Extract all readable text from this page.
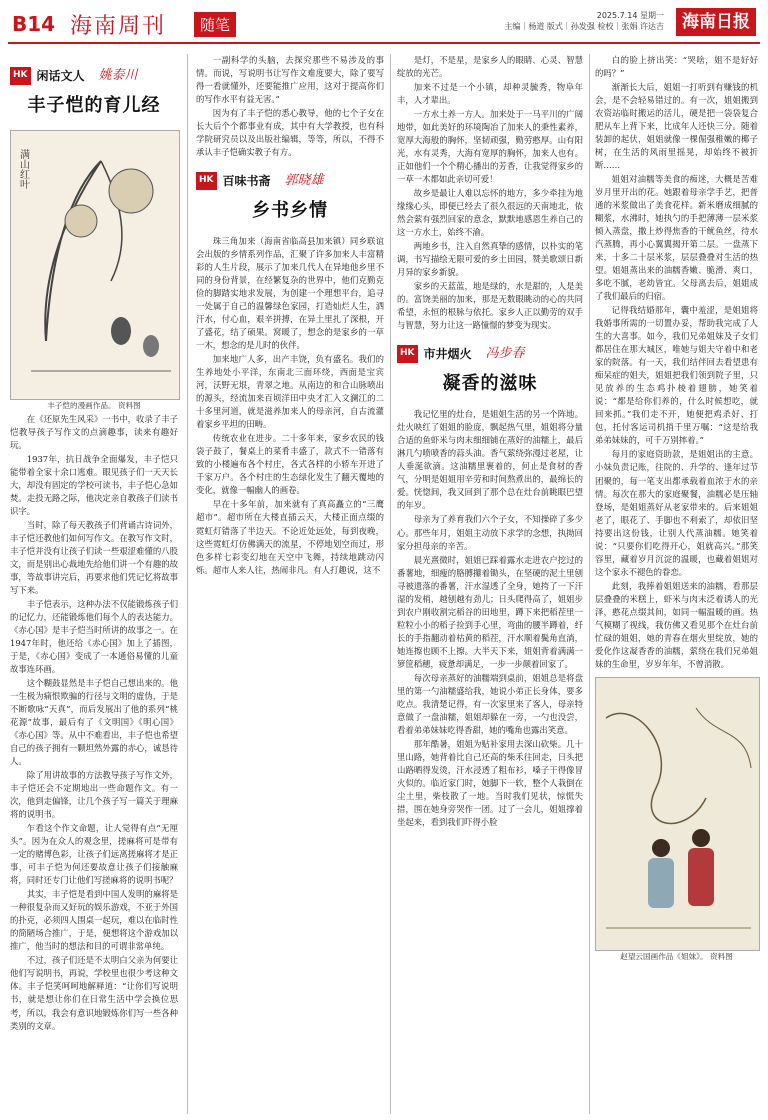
B14 海南周刊	随笔
2025.7.14 星期一
主编｜杨道 版式｜孙发强 检校｜张娟 许达吉	海南日报
HK 闲话文人 姚泰川
丰子恺的育儿经
满山红叶

丰子恺的漫画作品。 资料图

在《还原先生风采》一书中，收录了丰子恺教导孩子写作文的点滴趣事，读来有趣好玩。

1937年，抗日战争全面爆发，丰子恺只能带着全家十余口逃难。眼见孩子们一天天长大，却没有固定的学校可读书，丰子恺心急如焚。走投无路之际，他决定亲自教孩子们读书识字。

当时，除了每天教孩子们背诵古诗词外，丰子恺还教他们如何写作文。在教写作文时，丰子恺并没有让孩子们读一些艰涩难懂的八股文，而是别出心裁地先给他们讲一个有趣的故事，等故事讲完后，再要求他们凭记忆将故事写下来。

丰子恺表示，这种办法不仅能锻炼孩子们的记忆力，还能锻炼他们每个人的表达能力。《赤心国》是丰子恺当时所讲的故事之一。在1947年时，他还给《赤心国》加上了插图，于是，《赤心国》变成了一本通俗易懂的儿童故事连环画。

这个糊鼓显然是丰子恺自己想出来的。他一生极为痛恨欺骗的行径与文明的虚伪，于是不断歌咏“天真”，而后发展出了他的系列“桃花源”故事，最后有了《文明国》《明心国》《赤心国》等。从中不难看出，丰子恺也希望自己的孩子拥有一颗坦然外露的赤心，诚恳待人。

除了用讲故事的方法教导孩子写作文外，丰子恺还会不定期地出一些命题作文。有一次，他到走偏锋，让几个孩子写一篇关于理麻将的说明书。

乍看这个作文命题，让人觉得有点“无厘头”。因为在众人的观念里，搓麻将可是带有一定的赌博色彩，让孩子们远离搓麻将才是正事，可丰子恺为何还要故意让孩子们接触麻将，同时还专门让他们写搓麻将的说明书呢？

其实，丰子恺是看到中国人发明的麻将是一种很复杂而又好玩的娱乐游戏，不亚于外国的扑克，必须四人围桌一起玩，难以在临时性的简陋场合推广，于是，便想将这个游戏加以推广，他当时的想法和目的可谓非常单纯。

不过，孩子们还是不太明白父亲为何要让他们写说明书，再说，学校里也很少考这种文体。丰子恺笑呵呵地解释道：“让你们写说明书，就是想让你们在日常生活中学会换位思考，所以，我会有意识地锻炼你们写一些各种类别的文章。

一副科学的头脑，去探究那些不易涉及的事情。而说，写说明书让写作文难度要大，除了要写得一看就懂外，还要能推广应用，这对于提高你们的写作水平有益无害。”

因为有了丰子恺的悉心教导，他的七个子女在长大后个个都事业有成，其中有大学教授，也有科学院研究员以及出版社编辑，等等，所以，不得不承认丰子恺确实教子有方。

HK 百味书斋 郭晓雄
乡书乡情

珠三角加来（海南省临高县加来镇）同乡联谊会出版的乡情系列作品，汇聚了许多加来人丰富精彩的人生片段，展示了加来几代人在异地他乡里不同的身份背景，在经繁复杂的世界中，他们克勤克俭的脚踏实地求发展，为创建一个理想平台，追寻一处属于自己的温馨绿色家园，打造灿烂人生，洒汗水，付心血，艰辛拼搏，在异土里扎了深根，开了盛花，结了硕果。窝暖了，想念的是家乡的一草一木，想念的是儿时的伙伴。

加来地广人多，出产丰饶，负有盛名。我们的生养地处小平洋，东南北三面环绕，西面是宝宾河，沃野无垠，青翠之地。从南边的和合山脉喷出的源头，经流加来百顷洋田中央才汇入文澜江的二十多里河道，就是滋养加来人的母亲河，自古流灌着家乡平坦的田畴。

传统农业在进步。二十多年来，家乡农民的钱袋子鼓了，餐桌上的菜肴丰盛了，款式不一错落有致的小楼遍布各个村庄，各式各样的小轿车开进了千家万户。各个村庄的生态绿化发生了翻天覆地的变化，就像一幅幽人的画卷。

早在十多年前，加来就有了真高矗立的“三鹰超市”。超市所在大楼直插云天，大楼正面点缀的霓虹灯错落了半边天。不论近处远处，每到夜晚，这些霓虹灯仿佛满天的流星，不停地划空而过，形色多样七彩变幻地在天空中飞舞，持续地跳动闪烁。超市人来人往，热闹非凡。有人打趣说，这不

是灯，不是星，是家乡人的眼睛、心灵、智慧绽放的光芒。

加来不过是一个小镇，却种灵毓秀，物阜年丰，人才辈出。

一方水土养一方人。加来处于一马平川的广阔地带，如此美好的环境陶冶了加来人的秉性素养，宽厚大海般的胸怀，坚韧顽强，勤劳憨厚。山有阳光，水有灵秀，大海有宽厚的胸怀，加来人也有。正如他们一个个精心播出的芳香，让我觉得家乡的一草一木都如此亲切可爱！

故乡是最让人难以忘怀的地方，多少牵挂为地缘缘心头，即便已经去了很久很远的天南地北，依然会萦有强烈回家的意念，默默地感恩生养自己的这一方水土，始终不渝。

两地乡书，注入自然真挚的感情，以朴实的笔调，书写描绘无限可爱的乡土田园，赞美歌颂日新月异的家乡新貌。

家乡的天蓝蓝，地是绿的，水是甜的，人是美的。富饶美丽的加来，那是无数眼眺动的心的共同希望，永恒的根脉与依托。家乡人正以勤劳的双手与智慧，努力让这一路憧憬的梦变为现实。

HK 市井烟火 冯步春
凝香的滋味

我记忆里的灶台，是姐姐生活的另一个阵地。灶火映红了姐姐的脸庞，飘起热气里，姐姐将分量合适的鱼虾米与肉末细细铺在蒸好的油糯上，最后淋几勺喷喷香的蒜头油。香气萦绕弥漫过老屋，让人垂涎欲滴。这油糯里裹着的，何止是食材的香气，分明是姐姐用辛劳和时间熬煮出的，最绵长的爱。恍惚间，我又回到了那个总在灶台前眺眼巴望的年岁。

母亲为了养育我们六个子女，不知操碎了多少心。那些年月，姐姐主动放下求学的念想，执拗回家分担母亲的辛苦。

晨光熹微时，姐姐已踩着露水走进农户挖过的番薯地，细瘦的胳膊攥着锄头，在坚硬的泥土里刨寻被遗落的番薯，汗水湿透了全身，她挎了一下汗湿的发梢，越刨越有劲儿；日头爬得高了，姐姐步到农户刚收割完稻谷的田地里，蹲下来把稻茬里一粒粒小小的稻子捡到手心里，弯曲的腰半蹲着，纤长的手指翻动着枯黄的稻茬，汗水顺着鬓角直淌，她连擦也顾不上擦。大半天下来，姐姐背着满满一箩筐稻穗，疲惫却满足，一步一步颠着回家了。

每次母亲蒸好的油糯端到桌前，姐姐总是将盘里的第一勺油糯盛给我，她说小弟正长身体，要多吃点。我清楚记得，有一次家里来了客人，母亲特意做了一盘油糯，姐姐却躲在一旁，一勺也没尝，看着弟弟妹妹吃得香甜，她的嘴角也露出笑意。

那年酷暑，姐姐为贴补家用去深山砍柴。几十里山路，她背着比自己还高的柴禾往回走，日头把山路晒得发烫，汗水浸透了粗布衫，嗓子干得像冒火似的。临近家门时，她脚下一软，整个人栽倒在尘土里，柴枝散了一地。当时我们见状，惊慌失措，围在她身旁哭作一团。过了一会儿，姐姐撑着坐起来，看到我们吓得小脸

白的脸上挤出笑：“哭啥，姐不是好好的吗？”

渐渐长大后，姐姐一打听到有赚钱的机会，是不会轻易错过的。有一次，姐姐搬到农资站临时搬运的活儿，硬是把一袋袋复合肥从车上背下来，比成年人还快三分。随着装卸的起伏，姐姐就像一棵倔强稚嫩的椰子树，在生活的风雨里摇晃，却始终不被折断……

姐姐对油糯等美食的痴迷，大概是苦难岁月里开出的花。她跟着母亲学手艺，把普通的米浆做出了美食花样。新米磨成细腻的糊浆，水沸时，她执勺的手把薄薄一层米浆倾入蒸盘，撒上炒得焦香的干鱿鱼丝，待水汽蒸腾，再小心翼翼揭开第二层。一盘蒸下来，十多二十层米浆，层层叠叠对生活的热望。姐姐蒸出来的油糯香嫩、脆滑、爽口，多吃不腻，老幼皆宜。父母离去后，姐姐成了我们最后的归宿。

记得我结婚那年，囊中羞涩，是姐姐将我婚事所需的一切置办妥，帮助我完成了人生的大喜事。如今，我们兄弟姐妹及子女们都居住在那大城区，唯她与姐夫守着中和老家的院落。有一天，我们结伴回去看望患有痴呆症的姐夫，姐姐把我们领到院子里，只见放养的生态鸡扑棱着翅膀，她笑着说：“都是给你们养的，什么时候想吃，就回来抓。”我们走不开，她便把鸡杀好、打包，托付客运司机捎千里万嘱：“这是给我弟弟妹妹的，可千万别摔着。”

每月的家庭资助款，是姐姐出的主意。小妹负责记账，往院的、升学的、逢年过节团聚的，每一笔支出都承载着血浓于水的亲情。每次在那大的家庭聚餐，油糯必是压轴登场，是姐姐蒸好从老家带来的。后来姐姐老了，眼花了、手脚也不利索了，却依旧坚持要出这份钱，让别人代蒸油糯。她笑着说：“只要你们吃得开心，姐就高兴。”那笑容里，藏着岁月沉淀的温暖，也藏着姐姐对这个家永不褪色的眷恋。

此刻，我捧着姐姐送来的油糯，看那层层叠叠的米糕上，虾米与肉末泛着诱人的光泽，憨花点缀其间，如同一幅温暖的画。热气模糊了视线，我仿佛又看见那个在灶台前忙碌的姐姐，她的青春在烟火里绽放，她的爱化作这凝香香的油糯，萦绕在我们兄弟姐妹的生命里，岁岁年年，不曾消散。

赵望云国画作品《姐妹》。 资料图
